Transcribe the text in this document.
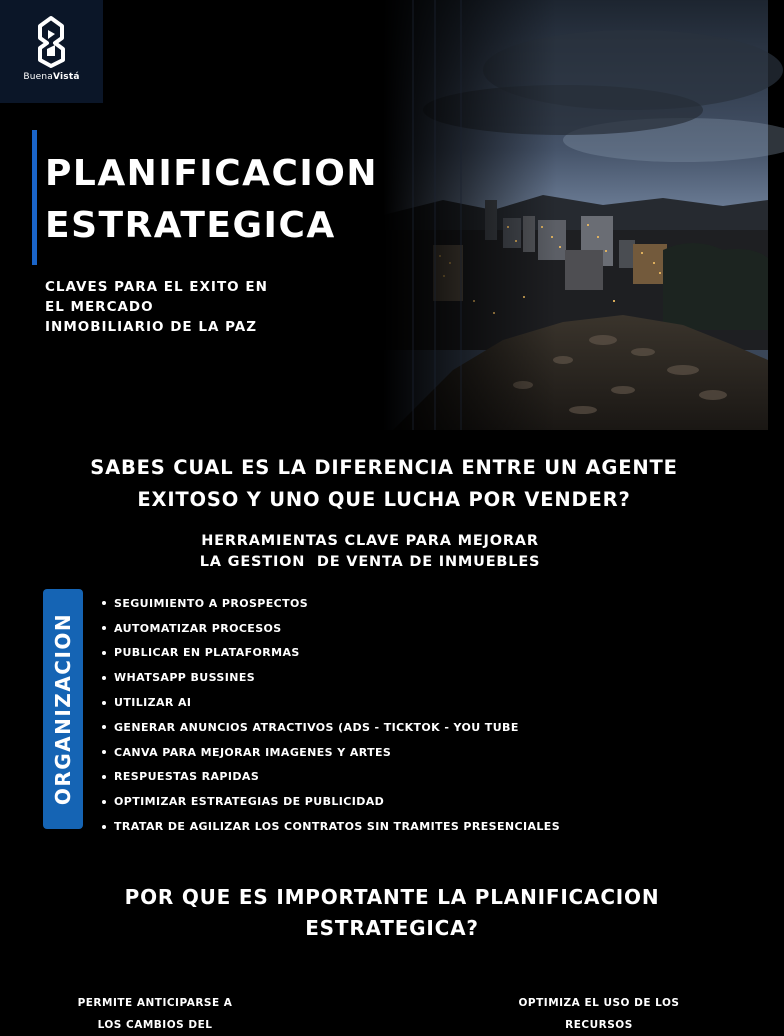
BuenaVistá
PLANIFICACION
ESTRATEGICA
CLAVES PARA EL EXITO EN
EL MERCADO
INMOBILIARIO DE LA PAZ
SABES CUAL ES LA DIFERENCIA ENTRE UN AGENTE
EXITOSO Y UNO QUE LUCHA POR VENDER?
HERRAMIENTAS CLAVE PARA MEJORAR
LA GESTION  DE VENTA DE INMUEBLES
ORGANIZACION
SEGUIMIENTO A PROSPECTOS
AUTOMATIZAR PROCESOS
PUBLICAR EN PLATAFORMAS
WHATSAPP BUSSINES
UTILIZAR AI
GENERAR ANUNCIOS ATRACTIVOS (ADS - TICKTOK - YOU TUBE
CANVA PARA MEJORAR IMAGENES Y ARTES
RESPUESTAS RAPIDAS
OPTIMIZAR ESTRATEGIAS DE PUBLICIDAD
TRATAR DE AGILIZAR LOS CONTRATOS SIN TRAMITES PRESENCIALES
POR QUE ES IMPORTANTE LA PLANIFICACION
ESTRATEGICA?
PERMITE ANTICIPARSE A
LOS CAMBIOS DEL
OPTIMIZA EL USO DE LOS
RECURSOS
